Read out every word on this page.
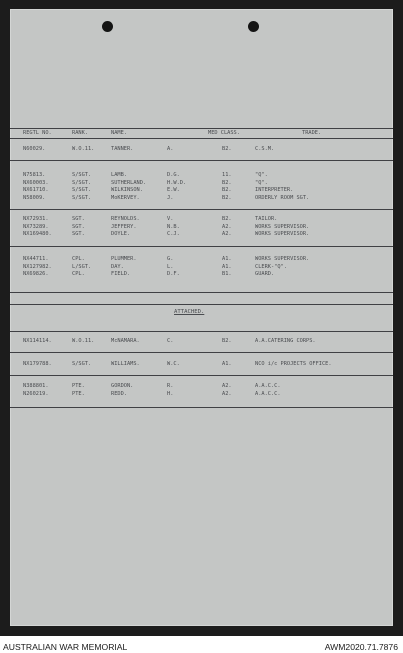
REGTL NO.	RANK.	NAME.	MED CLASS.	TRADE.
N60029.	W.O.11.	TANNER.	A.	B2.	C.S.M.
N75813.	S/SGT.	LAMB.	D.G.	11.	"Q".
NX60003.	S/SGT.	SUTHERLAND.	H.W.D.	B2.	"Q".
NX61710.	S/SGT.	WILKINSON.	E.W.	B2.	INTERPRETER.
N58009.	S/SGT.	MoKERVEY.	J.	B2.	ORDERLY ROOM SGT.
NX72931.	SGT.	REYNOLDS.	V.	B2.	TAILOR.
NX73289.	SGT.	JEFFERY.	N.B.	A2.	WORKS SUPERVISOR.
NX169480.	SGT.	DOYLE.	C.J.	A2.	WORKS SUPERVISOR.
NX44711.	CPL.	PLUMMER.	G.	A1.	WORKS SUPERVISOR.
NX127982.	L/SGT.	DAY.	L.	A1.	CLERK-"Q".
NX69826.	CPL.	FIELD.	D.F.	B1.	GUARD.
NX114114.	W.O.11.	McNAMARA.	C.	B2.	A.A.CATERING CORPS.
NX179788.	S/SGT.	WILLIAMS.	W.C.	A1.	NCO i/c PROJECTS OFFICE.
N388801.	PTE.	GORDON.	R.	A2.	A.A.C.C.
N260219.	PTE.	REDD.	H.	A2.	A.A.C.C.
ATTACHED.
AUSTRALIAN WAR MEMORIAL	AWM2020.71.7876
